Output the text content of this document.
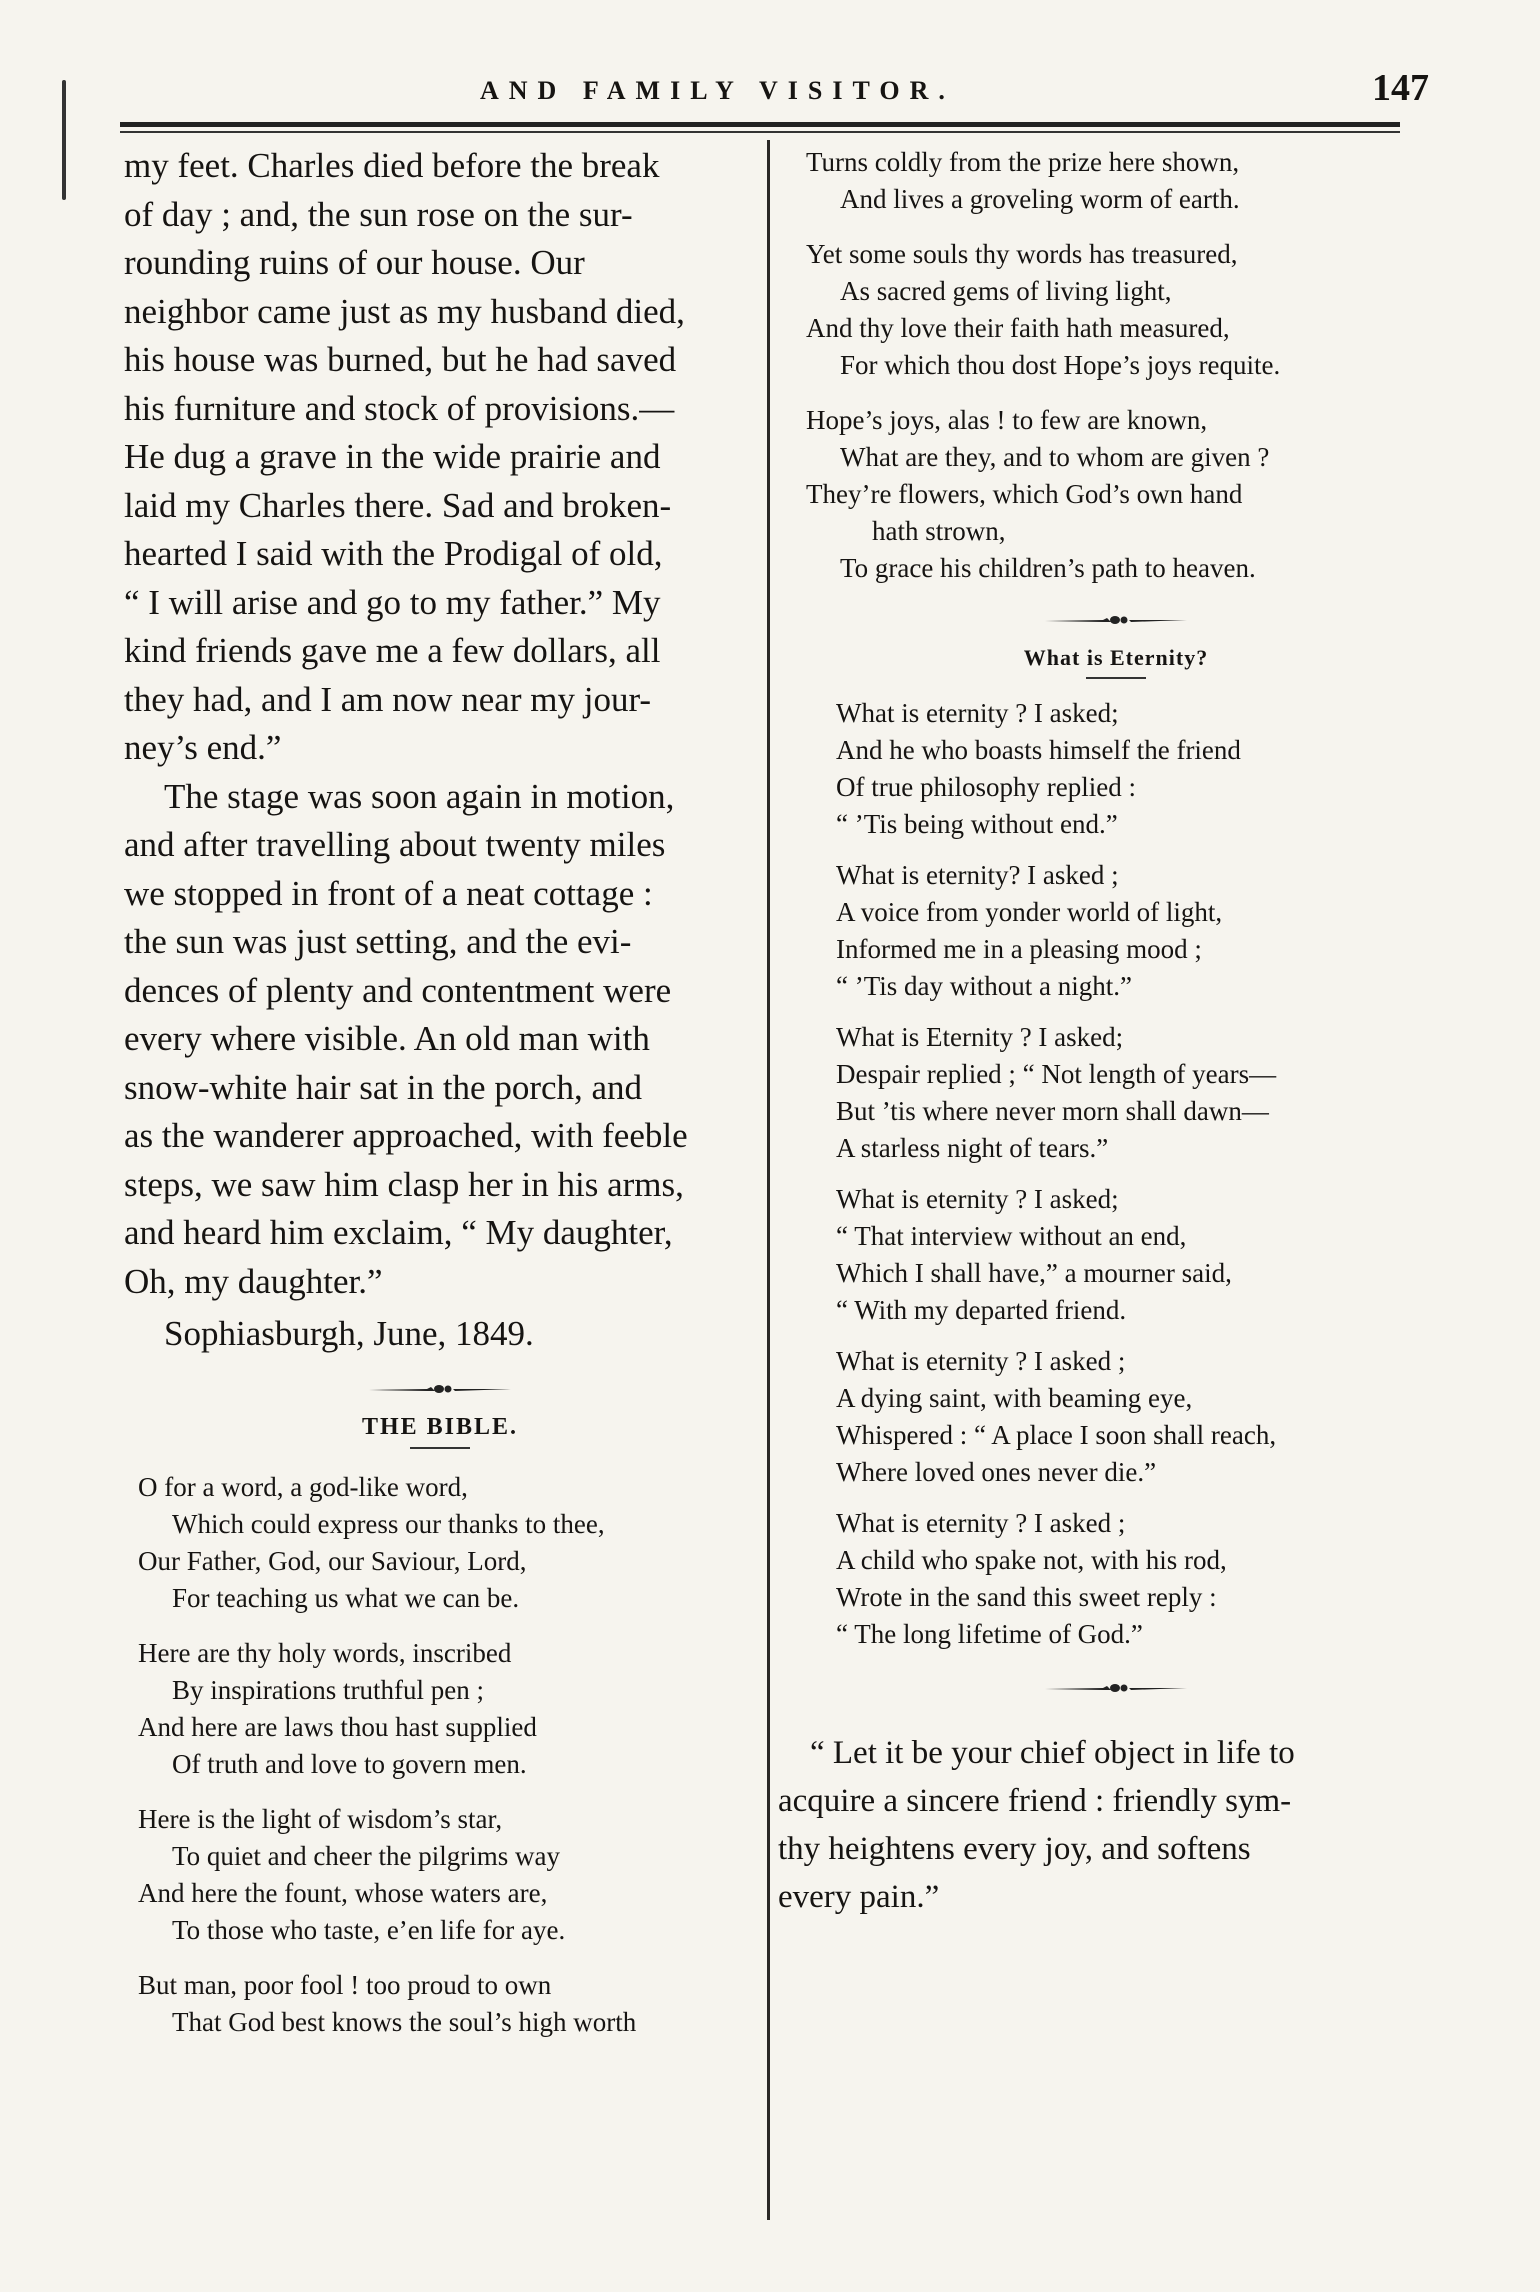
AND FAMILY VISITOR.	147

my feet. Charles died before the break
of day ; and, the sun rose on the sur-
rounding ruins of our house. Our
neighbor came just as my husband died,
his house was burned, but he had saved
his furniture and stock of provisions.—
He dug a grave in the wide prairie and
laid my Charles there. Sad and broken-
hearted I said with the Prodigal of old,
“ I will arise and go to my father.” My
kind friends gave me a few dollars, all
they had, and I am now near my jour-
ney’s end.”

The stage was soon again in motion,
and after travelling about twenty miles
we stopped in front of a neat cottage :
the sun was just setting, and the evi-
dences of plenty and contentment were
every where visible. An old man with
snow-white hair sat in the porch, and
as the wanderer approached, with feeble
steps, we saw him clasp her in his arms,
and heard him exclaim, “ My daughter,
Oh, my daughter.”

Sophiasburgh, June, 1849.
THE BIBLE.

O for a word, a god-like word,
Which could express our thanks to thee,
Our Father, God, our Saviour, Lord,
For teaching us what we can be.

Here are thy holy words, inscribed
By inspirations truthful pen ;
And here are laws thou hast supplied
Of truth and love to govern men.

Here is the light of wisdom’s star,
To quiet and cheer the pilgrims way
And here the fount, whose waters are,
To those who taste, e’en life for aye.

But man, poor fool ! too proud to own
That God best knows the soul’s high worth

Turns coldly from the prize here shown,
And lives a groveling worm of earth.

Yet some souls thy words has treasured,
As sacred gems of living light,
And thy love their faith hath measured,
For which thou dost Hope’s joys requite.

Hope’s joys, alas ! to few are known,
What are they, and to whom are given ?
They’re flowers, which God’s own hand
hath strown,
To grace his children’s path to heaven.

What is Eternity?

What is eternity ? I asked;
And he who boasts himself the friend
Of true philosophy replied :
“ ’Tis being without end.”

What is eternity? I asked ;
A voice from yonder world of light,
Informed me in a pleasing mood ;
“ ’Tis day without a night.”

What is Eternity ? I asked;
Despair replied ; “ Not length of years—
But ’tis where never morn shall dawn—
A starless night of tears.”

What is eternity ? I asked;
“ That interview without an end,
Which I shall have,” a mourner said,
“ With my departed friend.

What is eternity ? I asked ;
A dying saint, with beaming eye,
Whispered : “ A place I soon shall reach,
Where loved ones never die.”

What is eternity ? I asked ;
A child who spake not, with his rod,
Wrote in the sand this sweet reply :
“ The long lifetime of God.”

“ Let it be your chief object in life to
acquire a sincere friend : friendly sym-
thy heightens every joy, and softens
every pain.”
